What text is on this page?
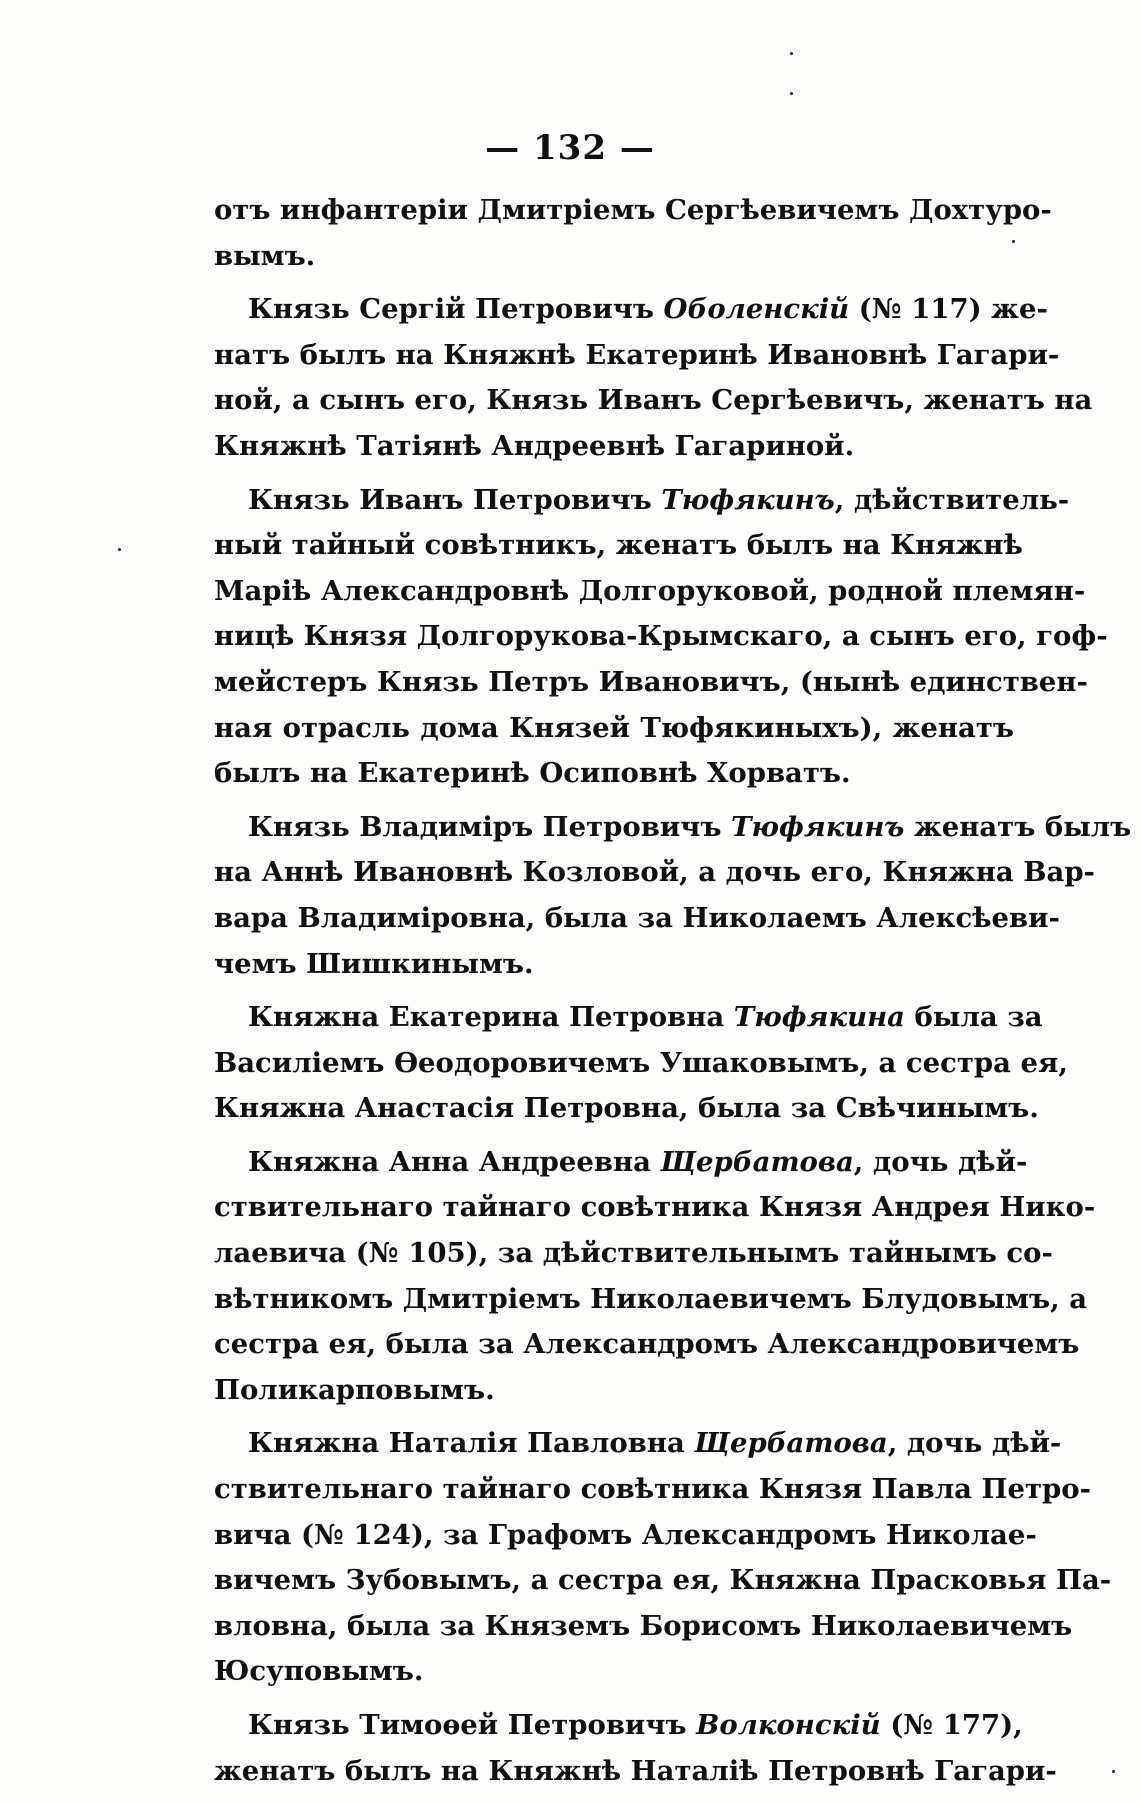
— 132 —
отъ инфантеріи Дмитріемъ Сергѣевичемъ Дохтуро-
вымъ.
Князь Сергій Петровичъ Оболенскій (№ 117) же-
натъ былъ на Княжнѣ Екатеринѣ Ивановнѣ Гагари-
ной, а сынъ его, Князь Иванъ Сергѣевичъ, женатъ на
Княжнѣ Татіянѣ Андреевнѣ Гагариной.
Князь Иванъ Петровичъ Тюфякинъ, дѣйствитель-
ный тайный совѣтникъ, женатъ былъ на Княжнѣ
Маріѣ Александровнѣ Долгоруковой, родной племян-
ницѣ Князя Долгорукова-Крымскаго, а сынъ его, гоф-
мейстеръ Князь Петръ Ивановичъ, (нынѣ единствен-
ная отрасль дома Князей Тюфякиныхъ), женатъ
былъ на Екатеринѣ Осиповнѣ Хорватъ.
Князь Владиміръ Петровичъ Тюфякинъ женатъ былъ
на Аннѣ Ивановнѣ Козловой, а дочь его, Княжна Вар-
вара Владиміровна, была за Николаемъ Алексѣеви-
чемъ Шишкинымъ.
Княжна Екатерина Петровна Тюфякина была за
Василіемъ Ѳеодоровичемъ Ушаковымъ, а сестра ея,
Княжна Анастасія Петровна, была за Свѣчинымъ.
Княжна Анна Андреевна Щербатова, дочь дѣй-
ствительнаго тайнаго совѣтника Князя Андрея Нико-
лаевича (№ 105), за дѣйствительнымъ тайнымъ со-
вѣтникомъ Дмитріемъ Николаевичемъ Блудовымъ, а
сестра ея, была за Александромъ Александровичемъ
Поликарповымъ.
Княжна Наталія Павловна Щербатова, дочь дѣй-
ствительнаго тайнаго совѣтника Князя Павла Петро-
вича (№ 124), за Графомъ Александромъ Николае-
вичемъ Зубовымъ, а сестра ея, Княжна Прасковья Па-
вловна, была за Княземъ Борисомъ Николаевичемъ
Юсуповымъ.
Князь Тимоѳей Петровичъ Волконскій (№ 177),
женатъ былъ на Княжнѣ Наталіѣ Петровнѣ Гагари-
